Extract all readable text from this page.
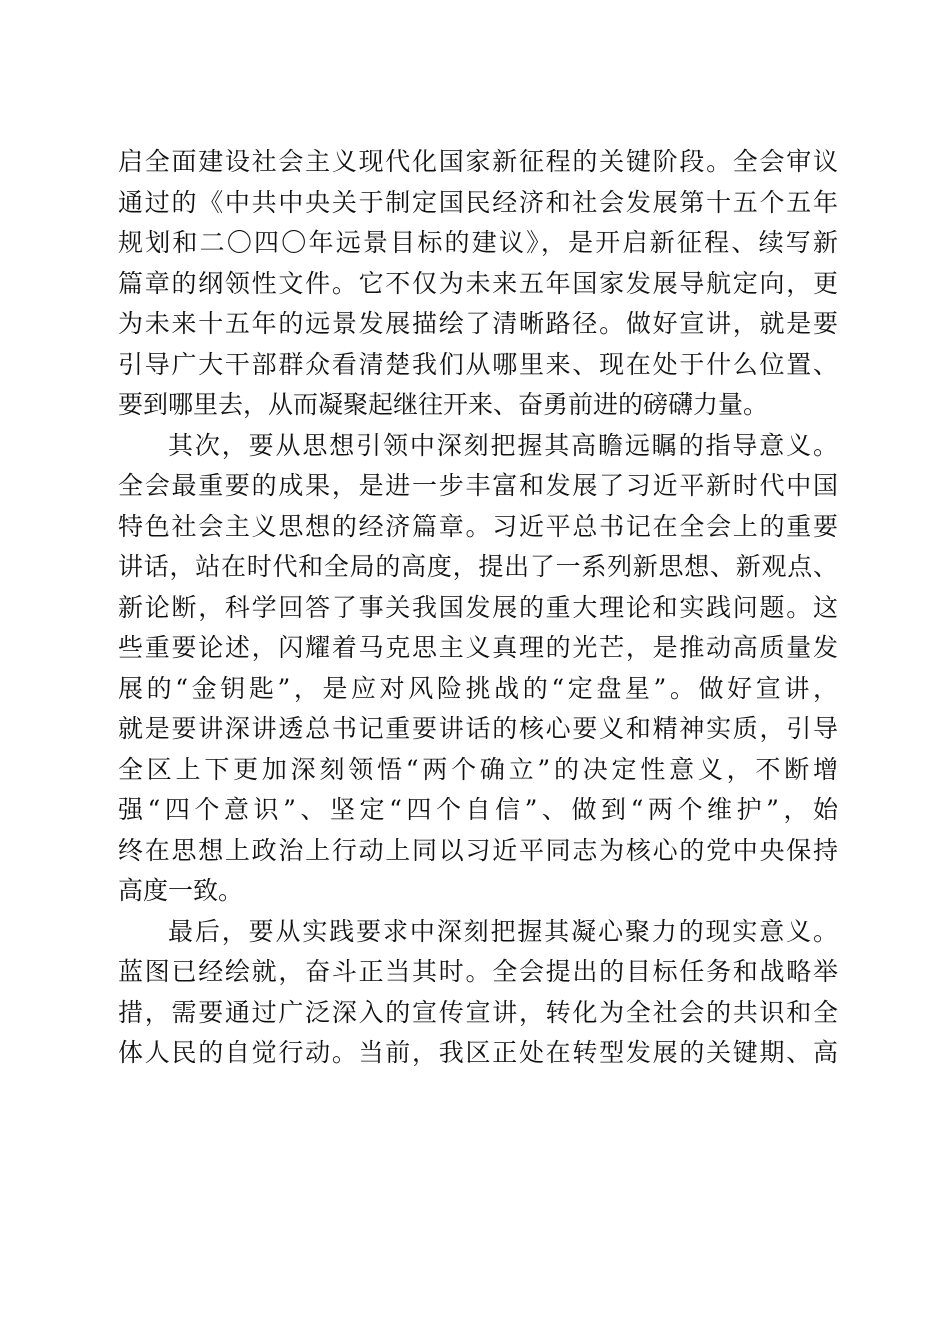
启全面建设社会主义现代化国家新征程的关键阶段。全会审议
通过的《中共中央关于制定国民经济和社会发展第十五个五年
规划和二〇四〇年远景目标的建议》，是开启新征程、续写新
篇章的纲领性文件。它不仅为未来五年国家发展导航定向，更
为未来十五年的远景发展描绘了清晰路径。做好宣讲，就是要
引导广大干部群众看清楚我们从哪里来、现在处于什么位置、
要到哪里去，从而凝聚起继往开来、奋勇前进的磅礴力量。
其次，要从思想引领中深刻把握其高瞻远瞩的指导意义。
全会最重要的成果，是进一步丰富和发展了习近平新时代中国
特色社会主义思想的经济篇章。习近平总书记在全会上的重要
讲话，站在时代和全局的高度，提出了一系列新思想、新观点、
新论断，科学回答了事关我国发展的重大理论和实践问题。这
些重要论述，闪耀着马克思主义真理的光芒，是推动高质量发
展的“金钥匙”，是应对风险挑战的“定盘星”。做好宣讲，
就是要讲深讲透总书记重要讲话的核心要义和精神实质，引导
全区上下更加深刻领悟“两个确立”的决定性意义，不断增
强“四个意识”、坚定“四个自信”、做到“两个维护”，始
终在思想上政治上行动上同以习近平同志为核心的党中央保持
高度一致。
最后，要从实践要求中深刻把握其凝心聚力的现实意义。
蓝图已经绘就，奋斗正当其时。全会提出的目标任务和战略举
措，需要通过广泛深入的宣传宣讲，转化为全社会的共识和全
体人民的自觉行动。当前，我区正处在转型发展的关键期、高
